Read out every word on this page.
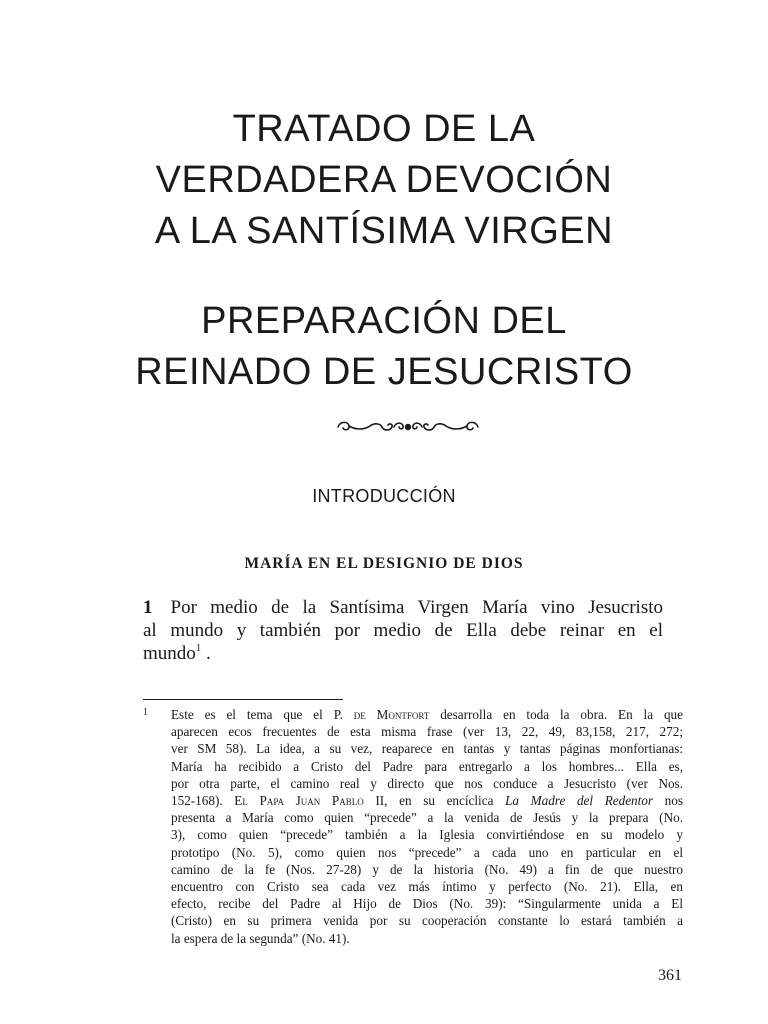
TRATADO DE LA
VERDADERA DEVOCIÓN
A LA SANTÍSIMA VIRGEN
PREPARACIÓN DEL
REINADO DE JESUCRISTO
INTRODUCCIÓN
MARÍA EN EL DESIGNIO DE DIOS
1 Por medio de la Santísima Virgen María vino Jesucristo
al mundo y también por medio de Ella debe reinar en el
mundo$^1$ .
1 Este es el tema que el P. de Montfort desarrolla en toda la obra. En la que
aparecen ecos frecuentes de esta misma frase (ver 13, 22, 49, 83,158, 217, 272;
ver SM 58). La idea, a su vez, reaparece en tantas y tantas páginas monfortianas:
María ha recibido a Cristo del Padre para entregarlo a los hombres... Ella es,
por otra parte, el camino real y directo que nos conduce a Jesucristo (ver Nos.
152-168). El Papa Juan Pablo II, en su encíclica La Madre del Redentor nos
presenta a María como quien “precede” a la venida de Jesús y la prepara (No.
3), como quien “precede” también a la Iglesia convirtiéndose en su modelo y
prototipo (No. 5), como quien nos “precede” a cada uno en particular en el
camino de la fe (Nos. 27-28) y de la historia (No. 49) a fin de que nuestro
encuentro con Cristo sea cada vez más íntimo y perfecto (No. 21). Ella, en
efecto, recibe del Padre al Hijo de Dios (No. 39): “Singularmente unida a El
(Cristo) en su primera venida por su cooperación constante lo estará también a
la espera de la segunda” (No. 41).
361
